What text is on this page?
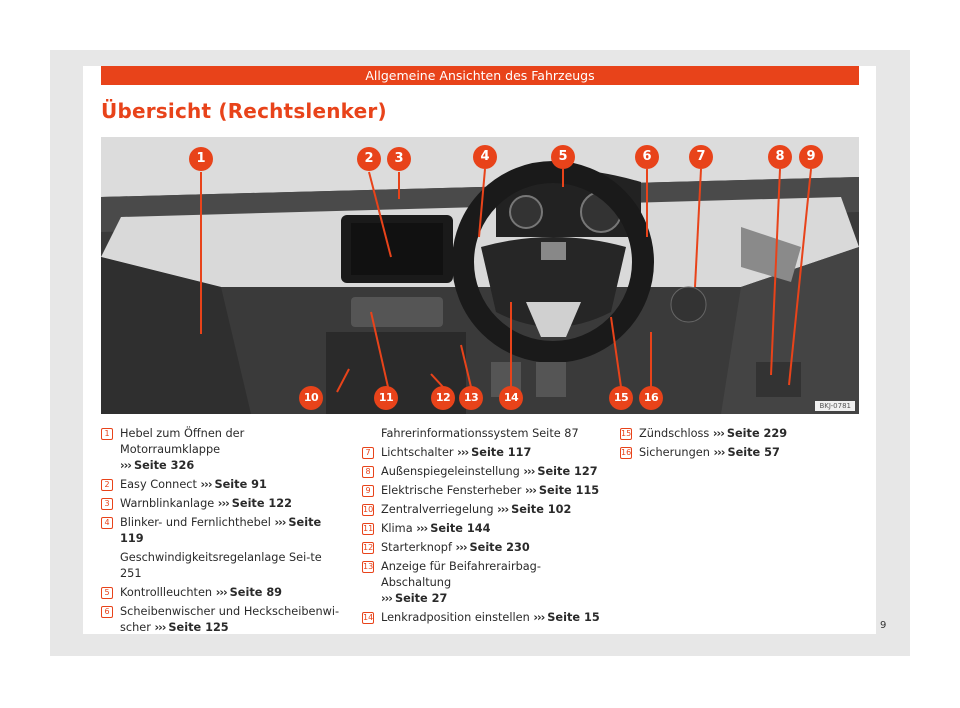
Allgemeine Ansichten des Fahrzeugs
Übersicht (Rechtslenker)
1	2	3	4	5	6	7	8	9
10	11	12	13	14	15	16
BKJ-0781
1 Hebel zum Öffnen der Motorraumklappe
››› Seite 326
2 Easy Connect ››› Seite 91
3 Warnblinkanlage ››› Seite 122
4 Blinker- und Fernlichthebel ››› Seite 119
Geschwindigkeitsregelanlage Sei-te 251
5 Kontrollleuchten ››› Seite 89
6 Scheibenwischer und Heckscheibenwi-scher ››› Seite 125
Fahrerinformationssystem Seite 87
7 Lichtschalter ››› Seite 117
8 Außenspiegeleinstellung ››› Seite 127
9 Elektrische Fensterheber ››› Seite 115
10 Zentralverriegelung ››› Seite 102
11 Klima ››› Seite 144
12 Starterknopf ››› Seite 230
13 Anzeige für Beifahrerairbag-Abschaltung
››› Seite 27
14 Lenkradposition einstellen ››› Seite 15
15 Zündschloss ››› Seite 229
16 Sicherungen ››› Seite 57
9
